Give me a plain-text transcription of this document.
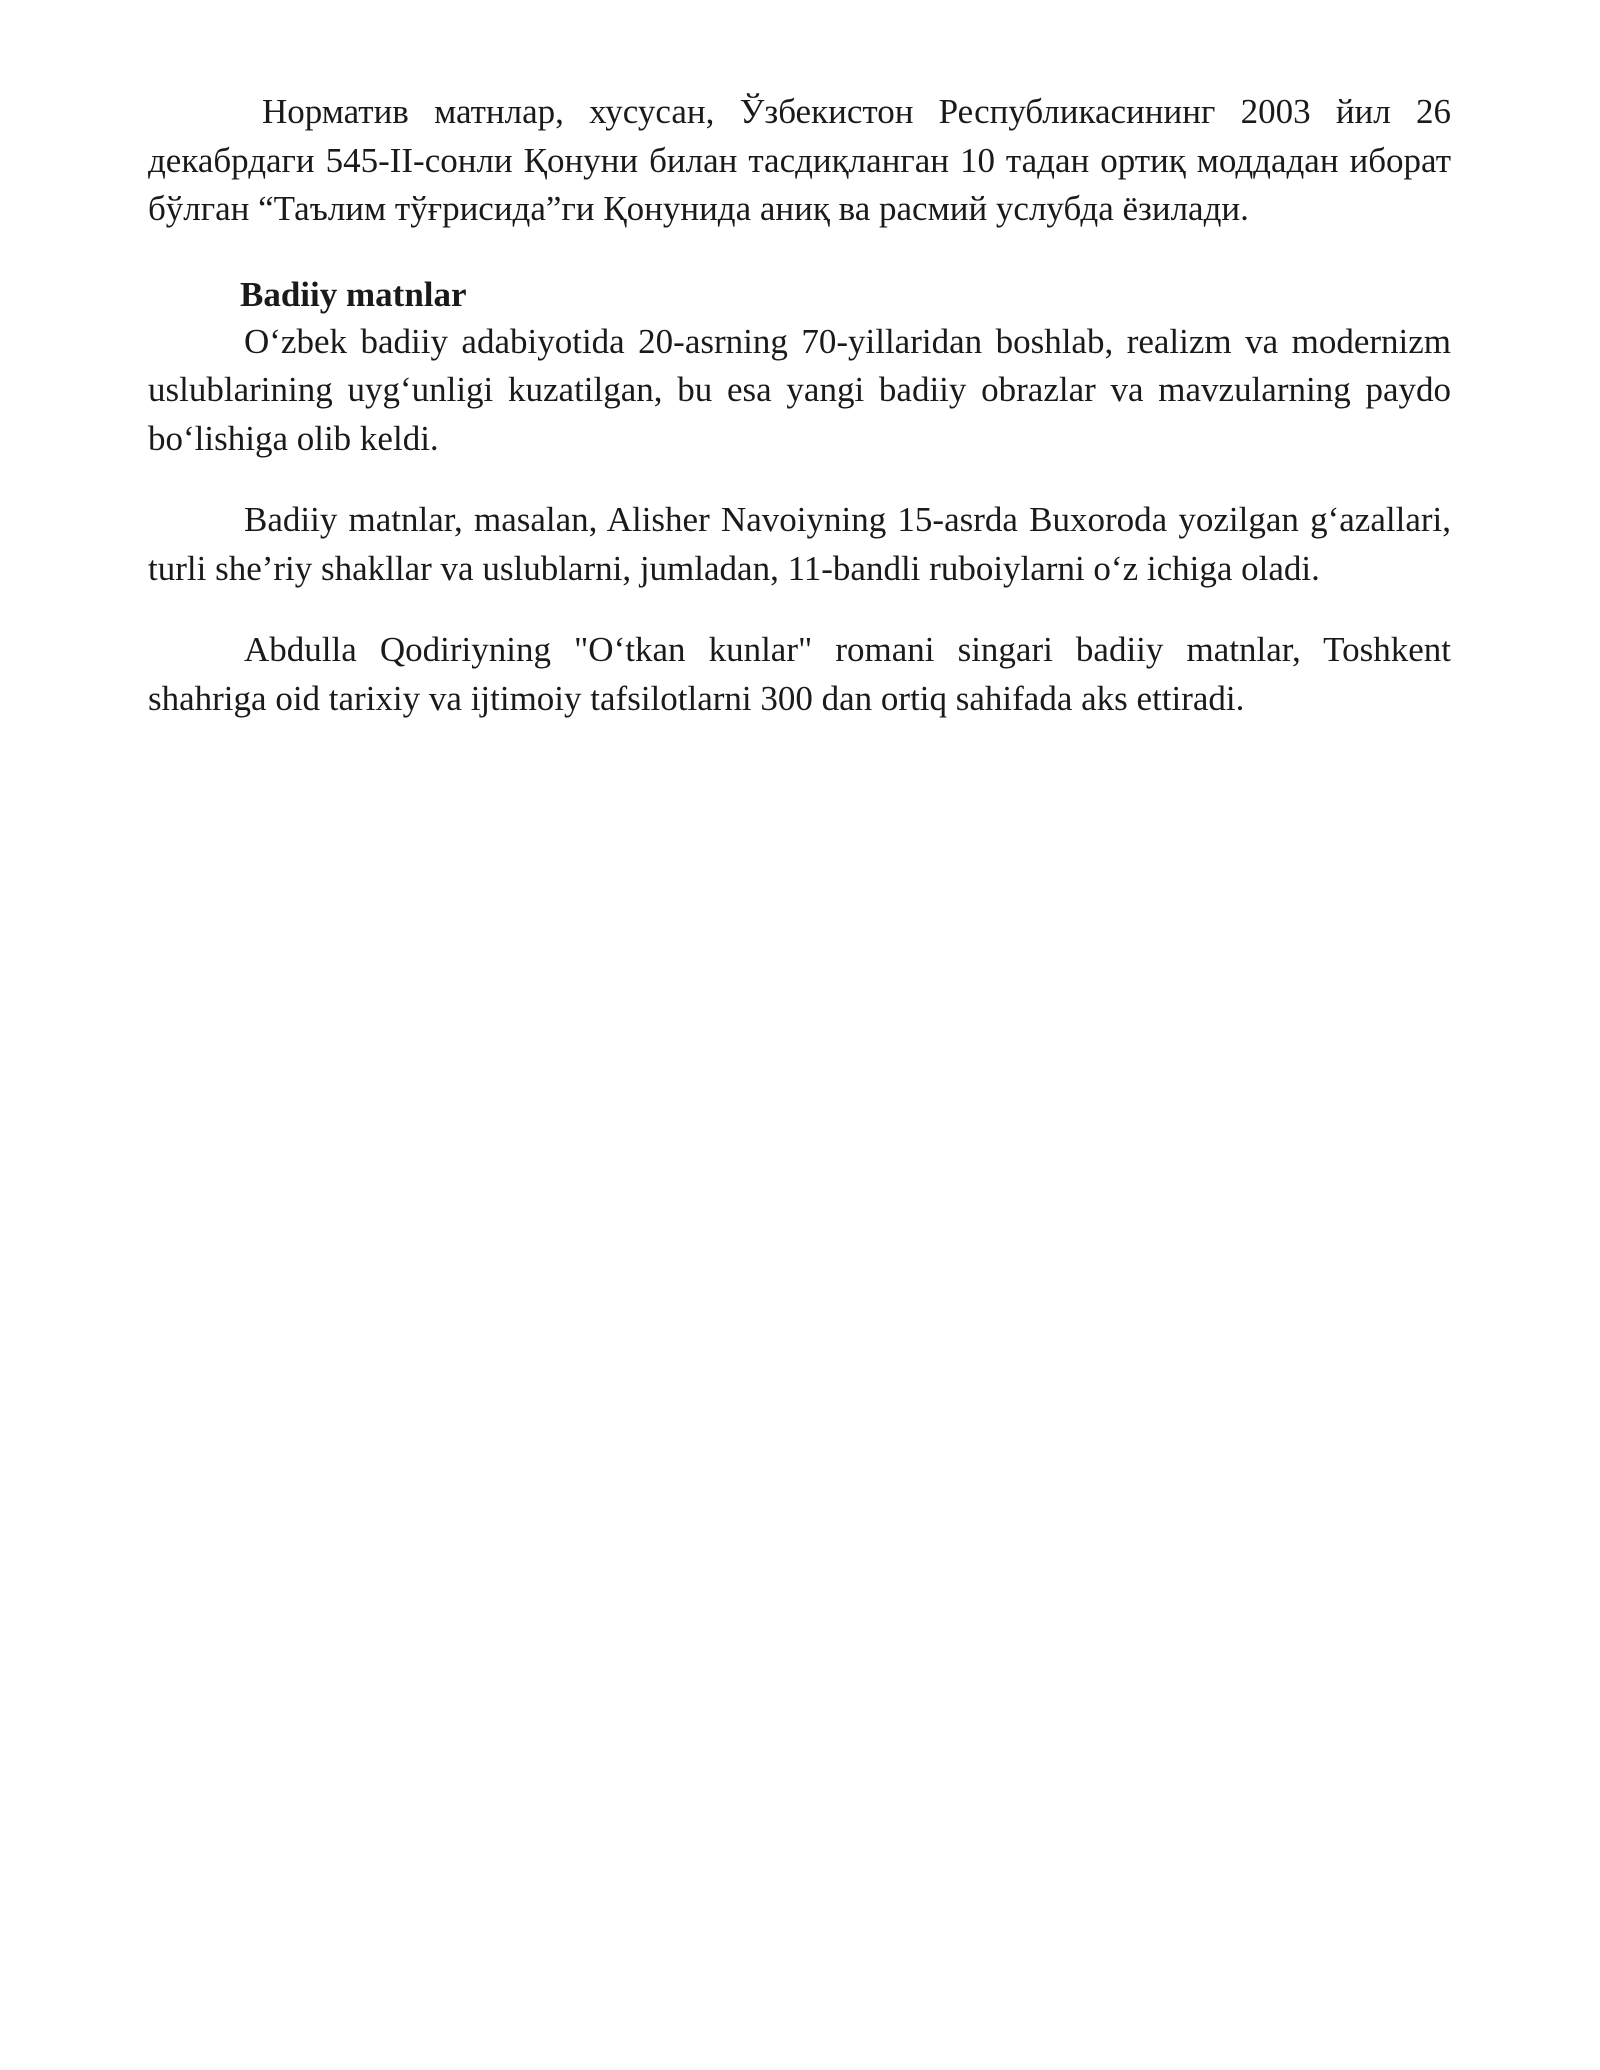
Норматив матнлар, хусусан, Ўзбекистон Республикасининг 2003 йил 26 декабрдаги 545-II-сонли Қонуни билан тасдиқланган 10 тадан ортиқ моддадан иборат бўлган “Таълим тўғрисида”ги Қонунида аниқ ва расмий услубда ёзилади.

Badiiy matnlar

O‘zbek badiiy adabiyotida 20-asrning 70-yillaridan boshlab, realizm va modernizm uslublarining uyg‘unligi kuzatilgan, bu esa yangi badiiy obrazlar va mavzularning paydo bo‘lishiga olib keldi.

Badiiy matnlar, masalan, Alisher Navoiyning 15-asrda Buxoroda yozilgan g‘azallari, turli she’riy shakllar va uslublarni, jumladan, 11-bandli ruboiylarni o‘z ichiga oladi.

Abdulla Qodiriyning "O‘tkan kunlar" romani singari badiiy matnlar, Toshkent shahriga oid tarixiy va ijtimoiy tafsilotlarni 300 dan ortiq sahifada aks ettiradi.
